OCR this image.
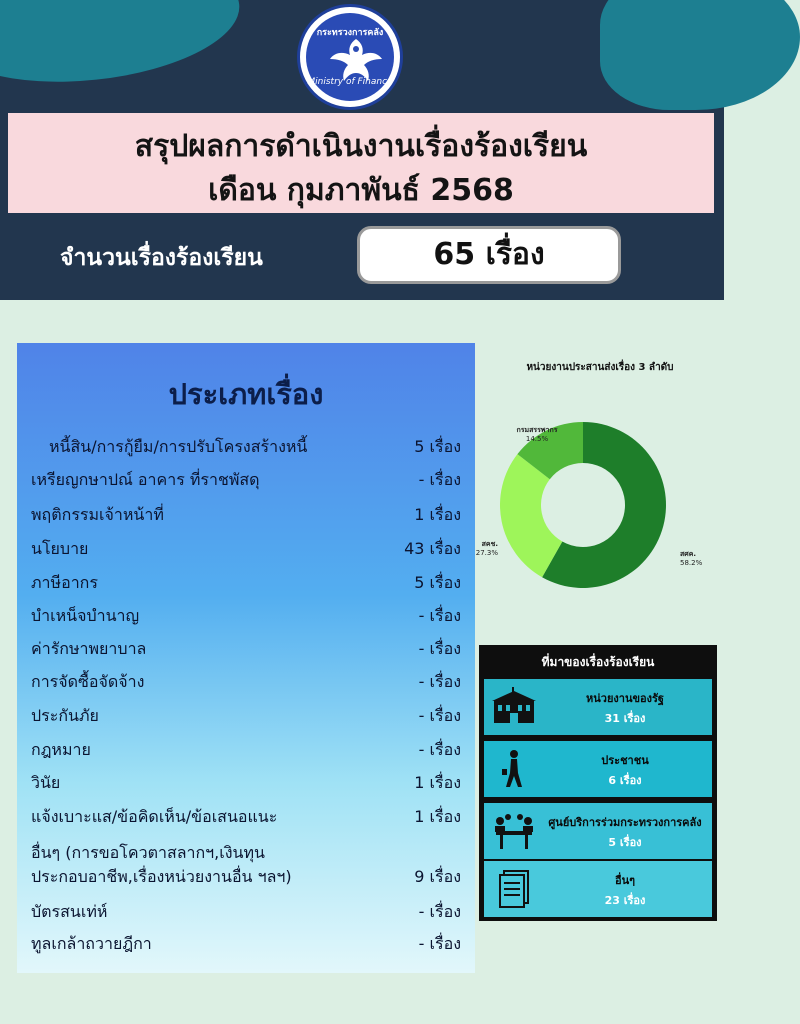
กระทรวงการคลัง
Ministry of Finance
สรุปผลการดำเนินงานเรื่องร้องเรียน
เดือน กุมภาพันธ์ 2568
จำนวนเรื่องร้องเรียน	65 เรื่อง
ประเภทเรื่อง
หนี้สิน/การกู้ยืม/การปรับโครงสร้างหนี้	5 เรื่อง
เหรียญกษาปณ์ อาคาร ที่ราชพัสดุ	- เรื่อง
พฤติกรรมเจ้าหน้าที่	1 เรื่อง
นโยบาย	43 เรื่อง
ภาษีอากร	5 เรื่อง
บำเหน็จบำนาญ	- เรื่อง
ค่ารักษาพยาบาล	- เรื่อง
การจัดซื้อจัดจ้าง	- เรื่อง
ประกันภัย	- เรื่อง
กฎหมาย	- เรื่อง
วินัย	1 เรื่อง
แจ้งเบาะแส/ข้อคิดเห็น/ข้อเสนอแนะ	1 เรื่อง
อื่นๆ (การขอโควตาสลากฯ,เงินทุน
ประกอบอาชีพ,เรื่องหน่วยงานอื่น ฯลฯ)	9 เรื่อง
บัตรสนเท่ห์	- เรื่อง
ทูลเกล้าถวายฎีกา	- เรื่อง
หน่วยงานประสานส่งเรื่อง 3 ลำดับ
สศค.
58.2%
สคช.
27.3%
กรมสรรพากร
14.5%
ที่มาของเรื่องร้องเรียน
หน่วยงานของรัฐ
31 เรื่อง
ประชาชน
6 เรื่อง
ศูนย์บริการร่วมกระทรวงการคลัง
5 เรื่อง
อื่นๆ
23 เรื่อง
